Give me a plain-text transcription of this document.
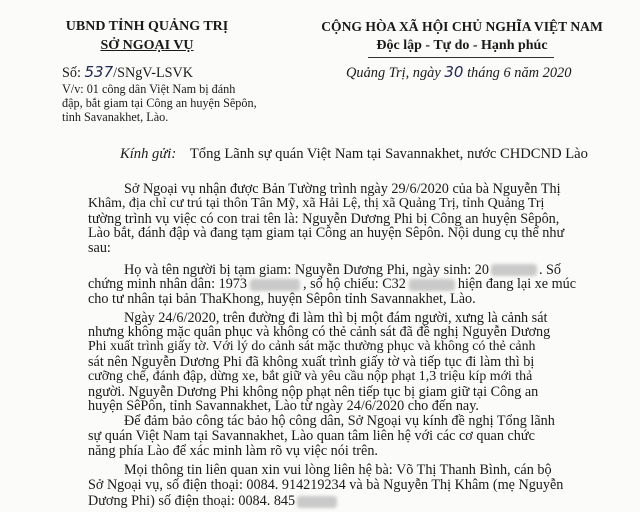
UBND TỈNH QUẢNG TRỊ
SỞ NGOẠI VỤ
CỘNG HÒA XÃ HỘI CHỦ NGHĨA VIỆT NAM
Độc lập - Tự do - Hạnh phúc
Số: 537/SNgV-LSVK
V/v: 01 công dân Việt Nam bị đánh
đập, bắt giam tại Công an huyện Sêpôn,
tỉnh Savanakhet, Lào.
Quảng Trị, ngày 30 tháng 6 năm 2020
Kính gửi: Tổng Lãnh sự quán Việt Nam tại Savannakhet, nước CHDCND Lào

Sở Ngoại vụ nhận được Bản Tường trình ngày 29/6/2020 của bà Nguyễn Thị

Khâm, địa chỉ cư trú tại thôn Tân Mỹ, xã Hải Lệ, thị xã Quảng Trị, tỉnh Quảng Trị

tường trình vụ việc có con trai tên là: Nguyễn Dương Phi bị Công an huyện Sêpôn,

Lào bắt, đánh đập và đang tạm giam tại Công an huyện Sêpôn. Nội dung cụ thể như

sau:

Họ và tên người bị tạm giam: Nguyễn Dương Phi, ngày sinh: 20	. Số
chứng minh nhân dân: 1973	, số hộ chiếu: C32	hiện đang lại xe múc
cho tư nhân tại bản ThaKhong, huyện Sêpôn tỉnh Savannakhet, Lào.

Ngày 24/6/2020, trên đường đi làm thì bị một đám người, xưng là cảnh sát

nhưng không mặc quân phục và không có thẻ cảnh sát đã đề nghị Nguyễn Dương

Phi xuất trình giấy tờ. Với lý do cảnh sát mặc thường phục và không có thẻ cảnh

sát nên Nguyễn Dương Phi đã không xuất trình giấy tờ và tiếp tục đi làm thì bị

cưỡng chế, đánh đập, dừng xe, bắt giữ và yêu cầu nộp phạt 1,3 triệu kíp mới thả

người. Nguyễn Dương Phi không nộp phạt nên tiếp tục bị giam giữ tại Công an

huyện SêPôn, tỉnh Savannakhet, Lào từ ngày 24/6/2020 cho đến nay.

Để đảm bảo công tác bảo hộ công dân, Sở Ngoại vụ kính đề nghị Tổng lãnh

sự quán Việt Nam tại Savannakhet, Lào quan tâm liên hệ với các cơ quan chức

năng phía Lào để xác minh làm rõ vụ việc nói trên.

Mọi thông tin liên quan xin vui lòng liên hệ bà: Võ Thị Thanh Bình, cán bộ

Sở Ngoại vụ, số điện thoại: 0084. 914219234 và bà Nguyễn Thị Khâm (mẹ Nguyễn

Dương Phi) số điện thoại: 0084. 845
